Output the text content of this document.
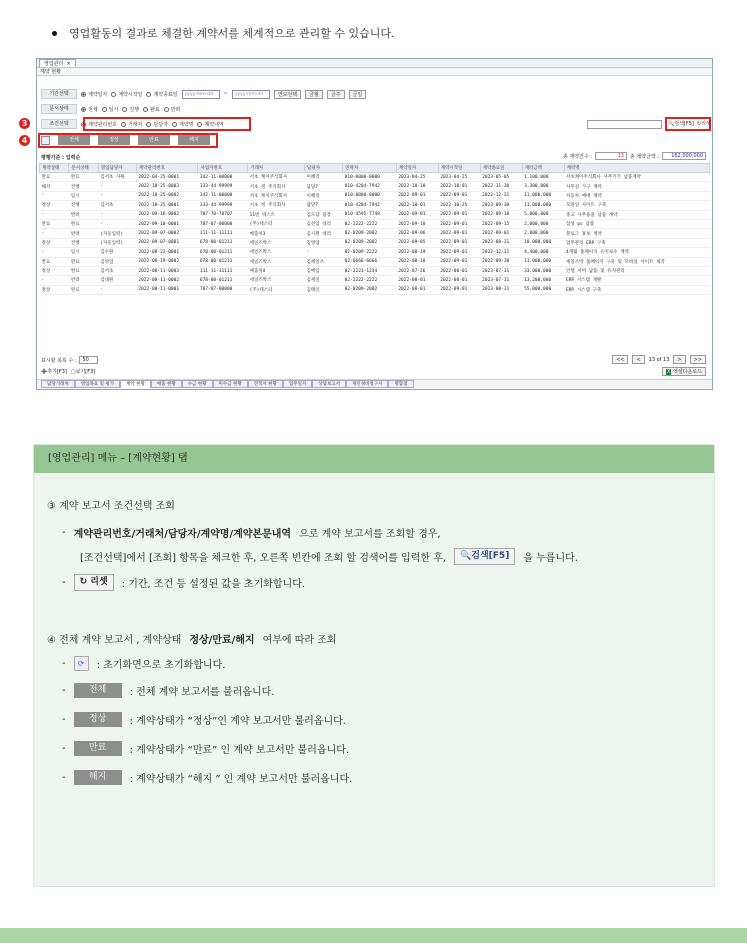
영업활동의 결과로 체결한 계약서를 체계적으로 관리할 수 있습니다.
영업관리 ×
계약 현황
기간선택	계약일자 계약시작일 계약종료일	yyyy-mm-dd	~	yyyy-mm-dd	연도선택	금월	금주	금일
문서상태	전체 임시 진행 완료 반려
조건선택	계약관리번호 거래처 담당자 계약명 계약내역	🔍검색[F5] ↻리셋
전체	정상	만료	해지
평행기준 : 입력순	총 계약건수 :	13	총 계약금액 :	162,000,000
계약상태	문서상태	영업담당자	계약관리번호	사업자번호	거래처	담당자	연락처	계약일자	계약시작일	계약종료일	계약금액	계약명
만료	완료	김서초 사원	2022-04-25-0001	342-11-00000	서초 케이주식회사	이혜리	010-0000-0000	2023-04-25	2023-04-25	2023-05-05	1,100,000	서초케이주식회사 사무기기 납품계약
해지	진행	-	2022-10-25-0003	333-44-99999	서초 정 주식회사	담당7	010-4204-7942	2022-10-10	2022-10-01	2022-11-30	3,300,000	사무실 가구 계약
-	임시	-	2022-10-25-0002	342-11-00000	서초 케이주식회사	이혜리	010-0000-0000	2022-09-01	2022-09-01	2022-12-31	11,000,000	자동차 매매 계약
정상	진행	김서초	2022-10-25-0001	333-44-99999	서초 정 주식회사	담당7	010-4204-7942	2022-10-01	2022-10-25	2023-09-30	11,000,000	모바일 사이트 구축
-	반려	-	2022-09-16-0002	707-70-70707	11번 테스트	김도담 팀장	010-4595-7749	2022-09-01	2022-09-01	2022-09-10	5,000,000	중고 사무용품 납품 계약
만료	완료	-	2022-09-10-0001	707-07-00000	(주)테스터	김선임 대리	02-2222-2222	2022-09-10	2022-09-01	2022-09-15	2,000,000	삼성 pc 납품
-	반려	(자동입력)	2022-09-07-0002	111-11-11111	매출처3	김시원 대리	02-0209-2002	2022-09-06	2022-09-01	2022-09-01	2,000,000	블로그 홍보 계약
정상	진행	(자동입력)	2022-09-07-0001	678-00-01211	세일즈박스	김영업	02-0209-2002	2022-09-05	2022-09-01	2023-08-31	10,000,000	업무관리 ERP 구축
-	임시	김수원	2022-08-22-0001	678-00-01211	세일즈박스	-	02-0209-2222	2022-08-19	2022-09-01	2022-12-31	4,400,000	4개월 홈페이지 유지보수 계약
만료	완료	김영업	2022-08-19-0002	678-00-01211	세일즈박스	김세일즈	02-6666-6666	2022-08-18	2022-09-01	2022-09-30	11,000,000	세일즈박 홈페이지 구축 및 모바일 사이트 제작
정상	완료	김서초	2022-08-11-0003	111-11-11111	매출처4	김매입	02-2223-1234	2022-07-26	2022-08-01	2023-07-31	33,000,000	인텔 서버 납품 및 유지관리
-	반려	김대원	2022-08-11-0002	678-00-01211	세일즈박스	김세일	02-2222-2222	2022-08-01	2022-08-01	2023-07-31	13,200,000	ERP 시스템 개발
정상	완료	-	2022-08-11-0001	707-07-00000	(주)테스터	김태인	02-0209-2002	2022-08-01	2022-09-01	2023-08-31	55,000,000	ERP 시스템 구축
표시할 목록 수 :	50	<<	<	13 of 13	>	>>
➕추가[F3] ▢보기[F3]	X 엑셀다운로드
담당거래처	영업목표 및 평가	계약 현황	매출 현황	수금 현황	미수금 현황	견적서 현황	업무일지	상담보고서	개인경비청구서	명함첩
3
4
[영업관리] 메뉴 – [계약현황] 탭
③ 계약 보고서 조건선택 조회
- 계약관리번호/거래처/담당자/계약명/계약본문내역 으로 계약 보고서를 조회할 경우,
[조건선택]에서 [조회] 항목을 체크한 후, 오른쪽 빈칸에 조회 할 검색어를 입력한 후,	🔍검색[F5]	을 누릅니다.
-	↻ 리셋	: 기간, 조건 등 설정된 값을 초기화합니다.
④ 전체 계약 보고서 , 계약상태 정상/만료/해지 여부에 따라 조회
-	⟳	: 초기화면으로 초기화합니다.
-	전체	: 전체 계약 보고서를 불러옵니다.
-	정상	: 계약상태가 “정상”인 계약 보고서만 불러옵니다.
-	만료	: 계약상태가 “만료” 인 계약 보고서만 불러옵니다.
-	해지	: 계약상태가 “해지 ” 인 계약 보고서만 불러옵니다.
